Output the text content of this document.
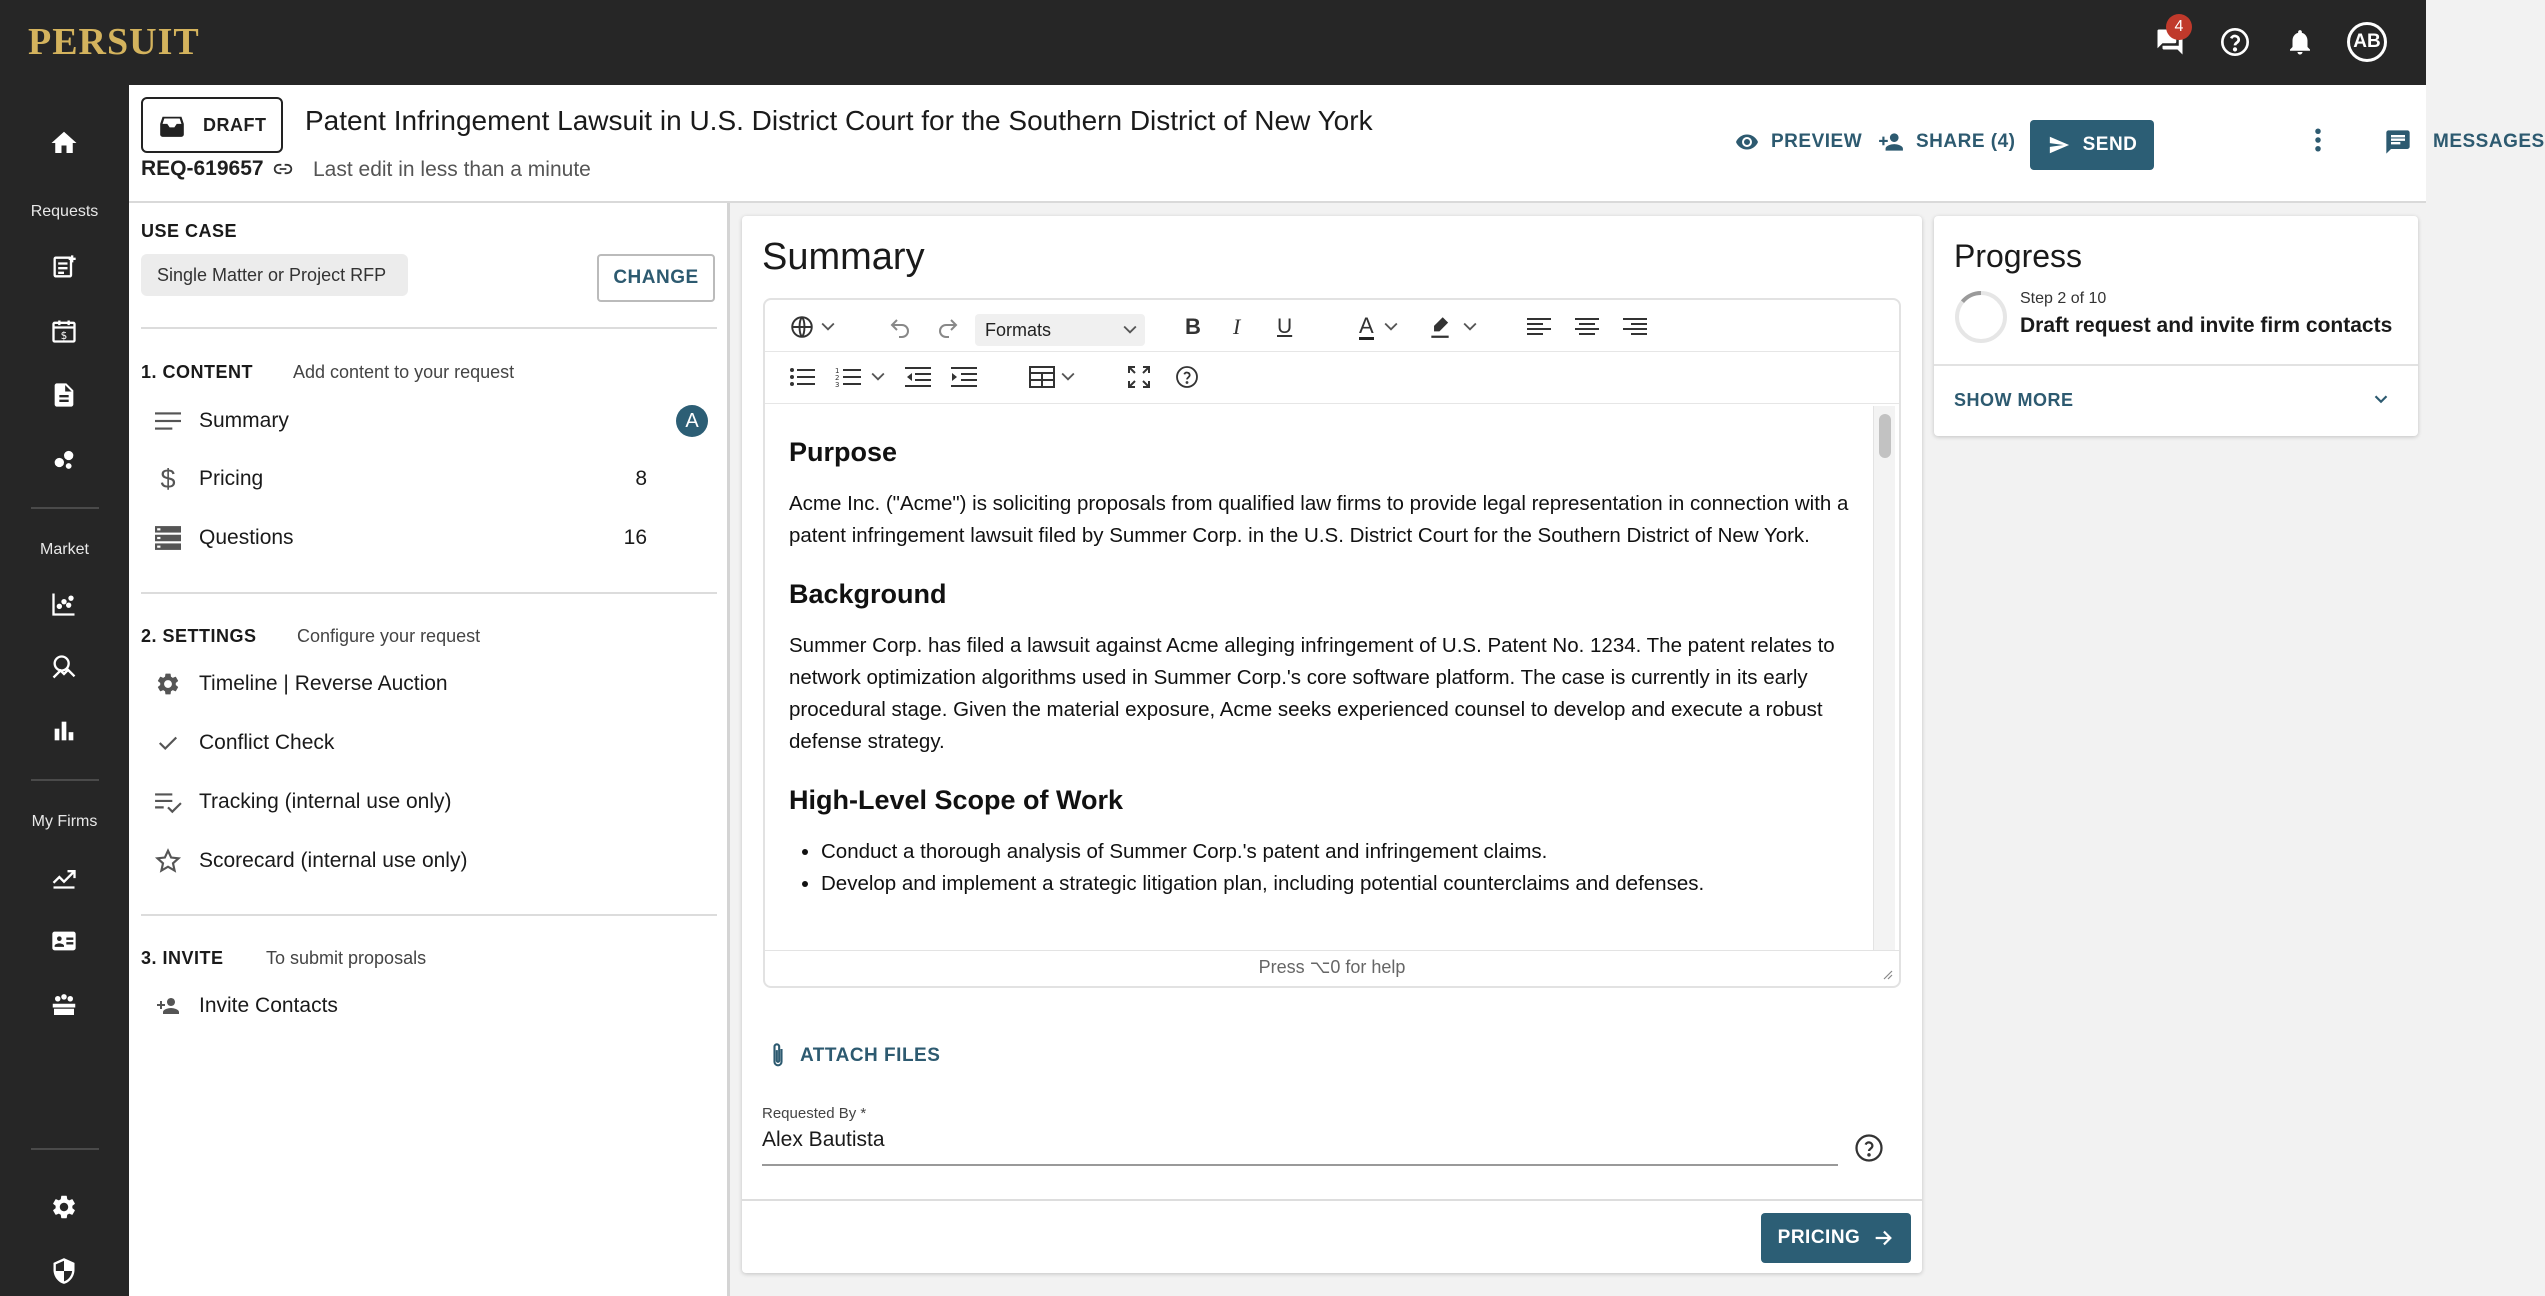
PERSUIT	4
AB
Requests
$
Market
My Firms
DRAFT Patent Infringement Lawsuit in U.S. District Court for the Southern District of New York
REQ-619657 Last edit in less than a minute
PREVIEW	SHARE (4)	SEND	MESSAGES
USE CASE
Single Matter or Project RFP	CHANGE
1. CONTENT Add content to your request
Summary	A
$ Pricing	8
Questions	16
2. SETTINGS Configure your request
Timeline | Reverse Auction
Conflict Check
Tracking (internal use only)
Scorecard (internal use only)
3. INVITE To submit proposals
Invite Contacts
Summary
Formats	B I U	A
1
2
3
Purpose

Acme Inc. ("Acme") is soliciting proposals from qualified law firms to provide legal representation in connection with a patent infringement lawsuit filed by Summer Corp. in the U.S. District Court for the Southern District of New York.

Background

Summer Corp. has filed a lawsuit against Acme alleging infringement of U.S. Patent No. 1234. The patent relates to network optimization algorithms used in Summer Corp.'s core software platform. The case is currently in its early procedural stage. Given the material exposure, Acme seeks experienced counsel to develop and execute a robust defense strategy.

High-Level Scope of Work
• Conduct a thorough analysis of Summer Corp.'s patent and infringement claims.
• Develop and implement a strategic litigation plan, including potential counterclaims and defenses.
Press ⌥0 for help
ATTACH FILES
Requested By *
Alex Bautista
PRICING
Progress
Step 2 of 10
Draft request and invite firm contacts
SHOW MORE
